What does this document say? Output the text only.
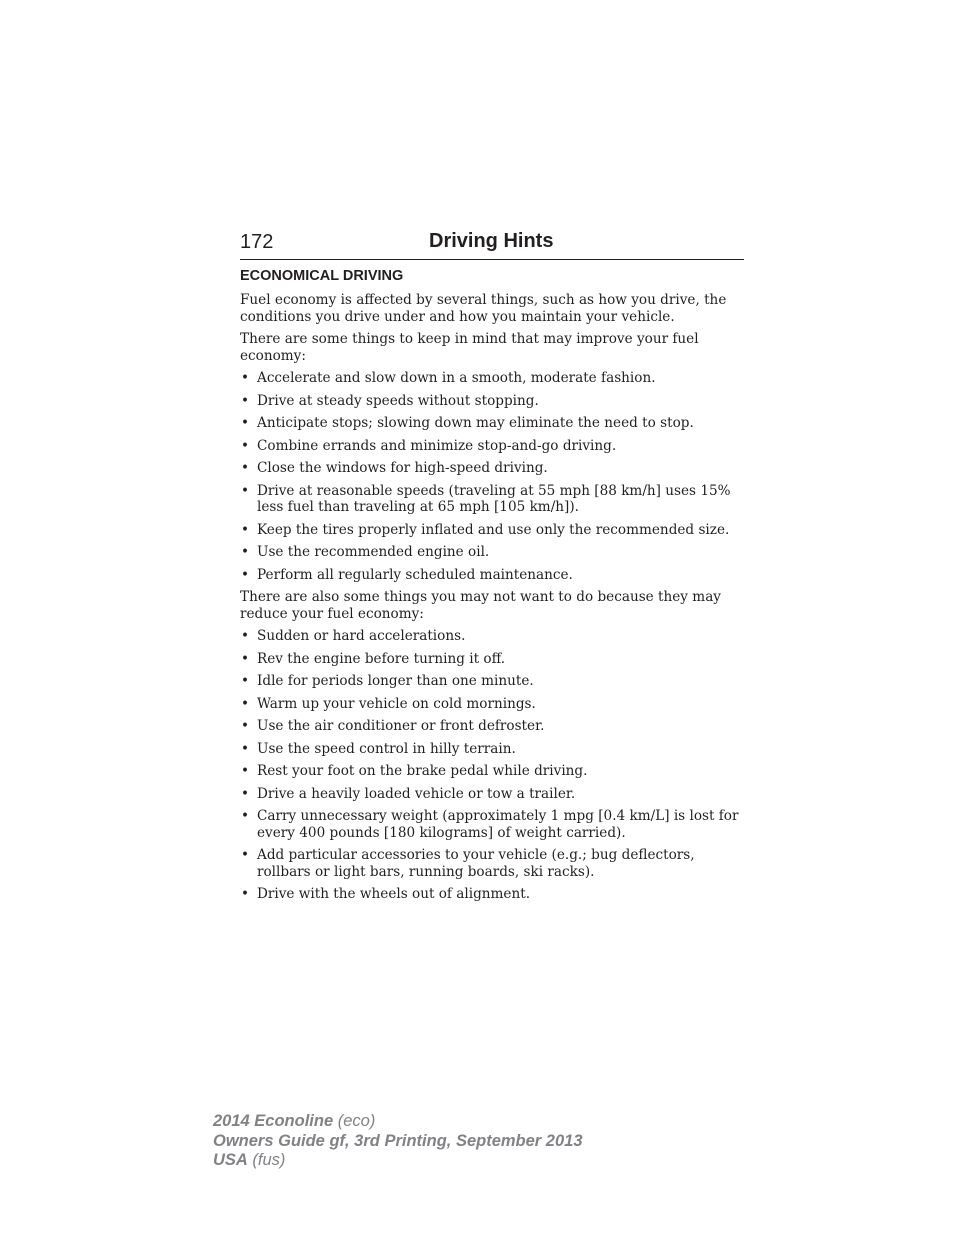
172	Driving Hints
ECONOMICAL DRIVING

Fuel economy is affected by several things, such as how you drive, the conditions you drive under and how you maintain your vehicle.

There are some things to keep in mind that may improve your fuel economy:

• Accelerate and slow down in a smooth, moderate fashion.
• Drive at steady speeds without stopping.
• Anticipate stops; slowing down may eliminate the need to stop.
• Combine errands and minimize stop-and-go driving.
• Close the windows for high-speed driving.
• Drive at reasonable speeds (traveling at 55 mph [88 km/h] uses 15% less fuel than traveling at 65 mph [105 km/h]).
• Keep the tires properly inflated and use only the recommended size.
• Use the recommended engine oil.
• Perform all regularly scheduled maintenance.

There are also some things you may not want to do because they may reduce your fuel economy:

• Sudden or hard accelerations.
• Rev the engine before turning it off.
• Idle for periods longer than one minute.
• Warm up your vehicle on cold mornings.
• Use the air conditioner or front defroster.
• Use the speed control in hilly terrain.
• Rest your foot on the brake pedal while driving.
• Drive a heavily loaded vehicle or tow a trailer.
• Carry unnecessary weight (approximately 1 mpg [0.4 km/L] is lost for every 400 pounds [180 kilograms] of weight carried).
• Add particular accessories to your vehicle (e.g.; bug deflectors, rollbars or light bars, running boards, ski racks).
• Drive with the wheels out of alignment.
2014 Econoline (eco)
Owners Guide gf, 3rd Printing, September 2013
USA (fus)
